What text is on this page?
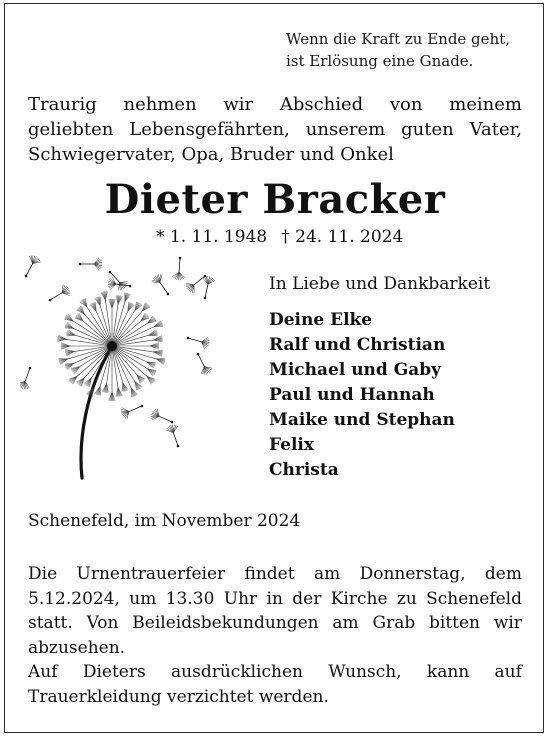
Wenn die Kraft zu Ende geht,
ist Erlösung eine Gnade.
Traurig nehmen wir Abschied von meinem
geliebten Lebensgefährten, unserem guten Vater,
Schwiegervater, Opa, Bruder und Onkel
Dieter Bracker
* 1. 11. 1948 † 24. 11. 2024
In Liebe und Dankbarkeit
Deine Elke
Ralf und Christian
Michael und Gaby
Paul und Hannah
Maike und Stephan
Felix
Christa
Schenefeld, im November 2024
Die Urnentrauerfeier findet am Donnerstag, dem
5.12.2024, um 13.30 Uhr in der Kirche zu Schenefeld
statt. Von Beileidsbekundungen am Grab bitten wir
abzusehen.
Auf Dieters ausdrücklichen Wunsch, kann auf
Trauerkleidung verzichtet werden.
